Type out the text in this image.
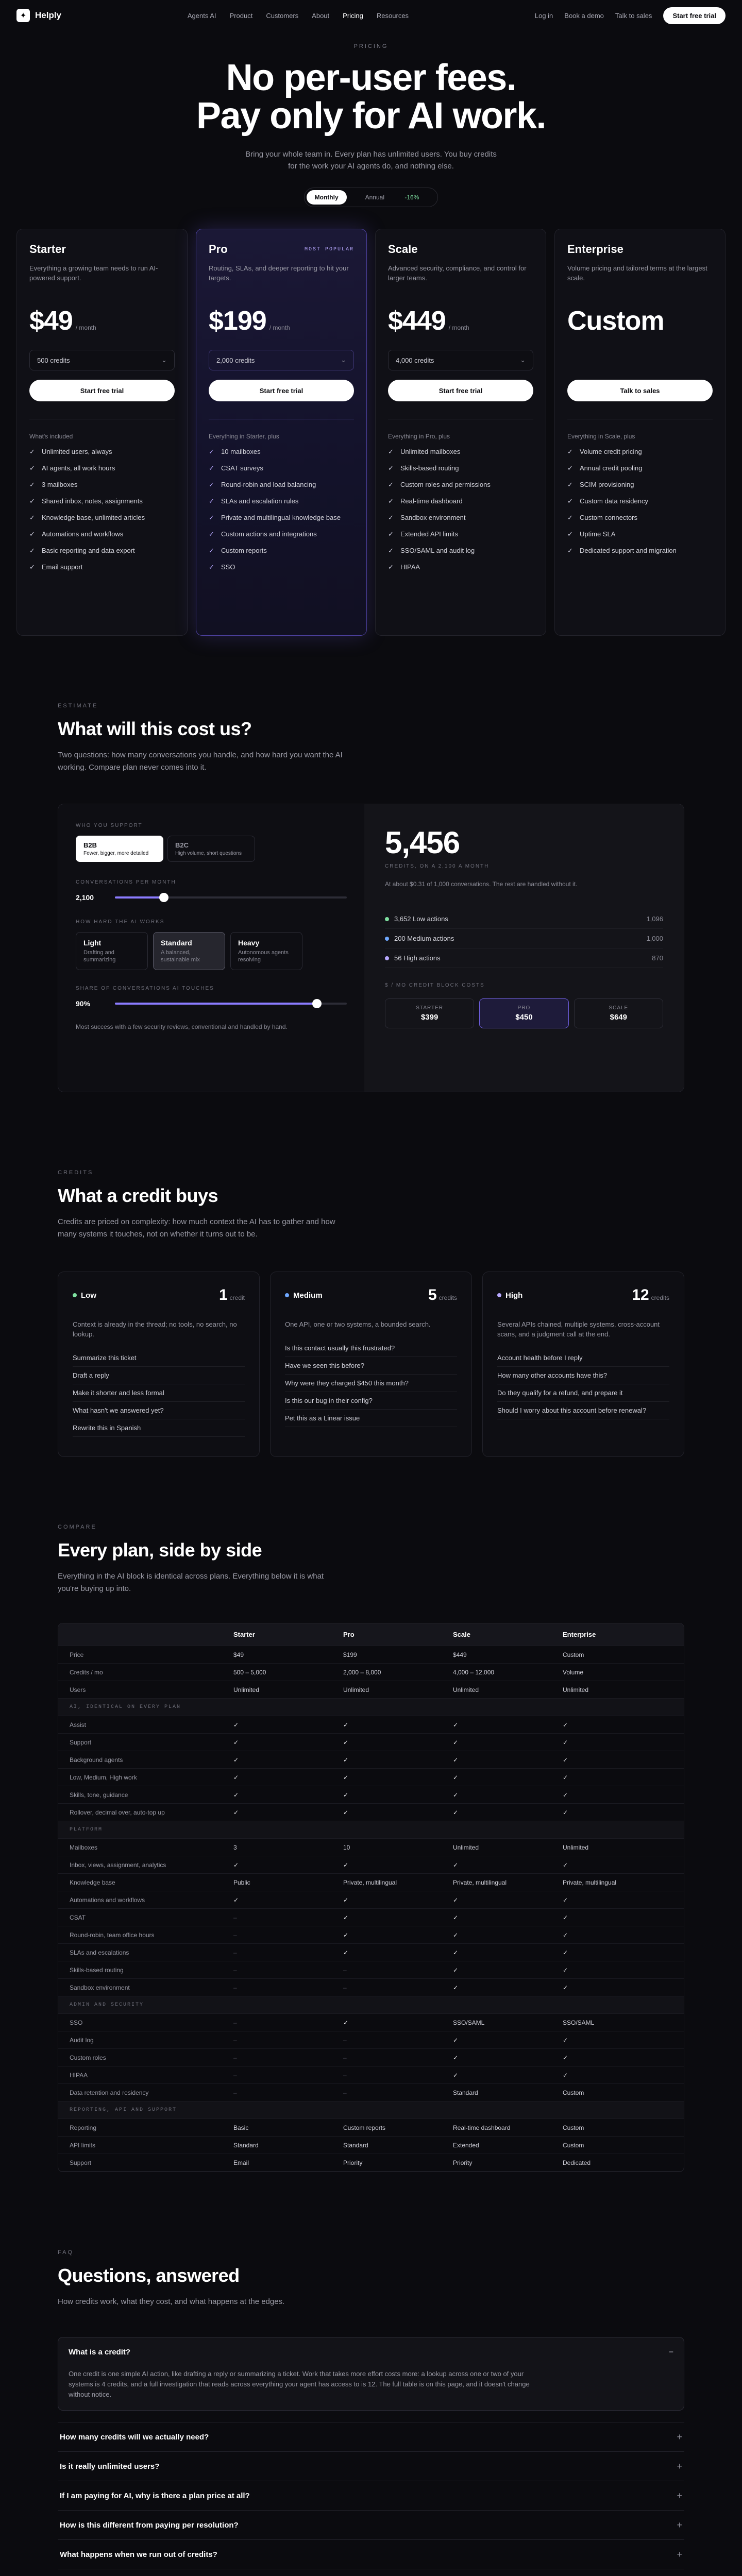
✦ Helply	Agents AI Product Customers About Pricing Resources	Log in Book a demo Talk to sales	Start free trial
PRICING
No per-user fees.
Pay only for AI work.

Bring your whole team in. Every plan has unlimited users. You buy credits for the work your AI agents do, and nothing else.

Monthly	Annual	-16%
Starter
Everything a growing team needs to run AI-powered support.
$49 / month
500 credits	⌄
Start free trial
What's included
✓ Unlimited users, always
✓ AI agents, all work hours
✓ 3 mailboxes
✓ Shared inbox, notes, assignments
✓ Knowledge base, unlimited articles
✓ Automations and workflows
✓ Basic reporting and data export
✓ Email support
Pro	MOST POPULAR
Routing, SLAs, and deeper reporting to hit your targets.
$199 / month
2,000 credits	⌄
Start free trial
Everything in Starter, plus
✓ 10 mailboxes
✓ CSAT surveys
✓ Round-robin and load balancing
✓ SLAs and escalation rules
✓ Private and multilingual knowledge base
✓ Custom actions and integrations
✓ Custom reports
✓ SSO
Scale
Advanced security, compliance, and control for larger teams.
$449 / month
4,000 credits	⌄
Start free trial
Everything in Pro, plus
✓ Unlimited mailboxes
✓ Skills-based routing
✓ Custom roles and permissions
✓ Real-time dashboard
✓ Sandbox environment
✓ Extended API limits
✓ SSO/SAML and audit log
✓ HIPAA
Enterprise
Volume pricing and tailored terms at the largest scale.
Custom
Talk to sales
Everything in Scale, plus
✓ Volume credit pricing
✓ Annual credit pooling
✓ SCIM provisioning
✓ Custom data residency
✓ Custom connectors
✓ Uptime SLA
✓ Dedicated support and migration
ESTIMATE
What will this cost us?
Two questions: how many conversations you handle, and how hard you want the AI working. Compare plan never comes into it.
WHO YOU SUPPORT
B2B
Fewer, bigger, more detailed
B2C
High volume, short questions
CONVERSATIONS PER MONTH
2,100
HOW HARD THE AI WORKS
Light
Drafting and summarizing
Standard
A balanced, sustainable mix
Heavy
Autonomous agents resolving
SHARE OF CONVERSATIONS AI TOUCHES
90%
Most success with a few security reviews, conventional and handled by hand.
5,456
CREDITS, ON A 2,100 A MONTH
At about $0.31 of 1,000 conversations. The rest are handled without it.
3,652 Low actions	1,096
200 Medium actions	1,000
56 High actions	870
$ / MO CREDIT BLOCK COSTS
STARTER
$399
PRO
$450
SCALE
$649
CREDITS
What a credit buys
Credits are priced on complexity: how much context the AI has to gather and how many systems it touches, not on whether it turns out to be.
Low	1 credit

Context is already in the thread; no tools, no search, no lookup.

Summarize this ticket
Draft a reply
Make it shorter and less formal
What hasn't we answered yet?
Rewrite this in Spanish
Medium	5 credits

One API, one or two systems, a bounded search.

Is this contact usually this frustrated?
Have we seen this before?
Why were they charged $450 this month?
Is this our bug in their config?
Pet this as a Linear issue
High	12 credits

Several APIs chained, multiple systems, cross-account scans, and a judgment call at the end.

Account health before I reply
How many other accounts have this?
Do they qualify for a refund, and prepare it
Should I worry about this account before renewal?
COMPARE
Every plan, side by side
Everything in the AI block is identical across plans. Everything below it is what you're buying up into.
Starter	Pro	Scale	Enterprise
Price	$49	$199	$449	Custom
Credits / mo	500 – 5,000	2,000 – 8,000	4,000 – 12,000	Volume
Users	Unlimited	Unlimited	Unlimited	Unlimited
AI, IDENTICAL ON EVERY PLAN
Assist	✓	✓	✓	✓
Support	✓	✓	✓	✓
Background agents	✓	✓	✓	✓
Low, Medium, High work	✓	✓	✓	✓
Skills, tone, guidance	✓	✓	✓	✓
Rollover, decimal over, auto-top up	✓	✓	✓	✓
PLATFORM
Mailboxes	3	10	Unlimited	Unlimited
Inbox, views, assignment, analytics	✓	✓	✓	✓
Knowledge base	Public	Private, multilingual	Private, multilingual	Private, multilingual
Automations and workflows	✓	✓	✓	✓
CSAT	–	✓	✓	✓
Round-robin, team office hours	–	✓	✓	✓
SLAs and escalations	–	✓	✓	✓
Skills-based routing	–	–	✓	✓
Sandbox environment	–	–	✓	✓
ADMIN AND SECURITY
SSO	–	✓	SSO/SAML	SSO/SAML
Audit log	–	–	✓	✓
Custom roles	–	–	✓	✓
HIPAA	–	–	✓	✓
Data retention and residency	–	–	Standard	Custom
REPORTING, API AND SUPPORT
Reporting	Basic	Custom reports	Real-time dashboard	Custom
API limits	Standard	Standard	Extended	Custom
Support	Email	Priority	Priority	Dedicated
FAQ
Questions, answered
How credits work, what they cost, and what happens at the edges.
What is a credit?	−

One credit is one simple AI action, like drafting a reply or summarizing a ticket. Work that takes more effort costs more: a lookup across one or two of your systems is 4 credits, and a full investigation that reads across everything your agent has access to is 12. The full table is on this page, and it doesn't change without notice.

How many credits will we actually need?	+
Is it really unlimited users?	+
If I am paying for AI, why is there a plan price at all?	+
How is this different from paying per resolution?	+
What happens when we run out of credits?	+
